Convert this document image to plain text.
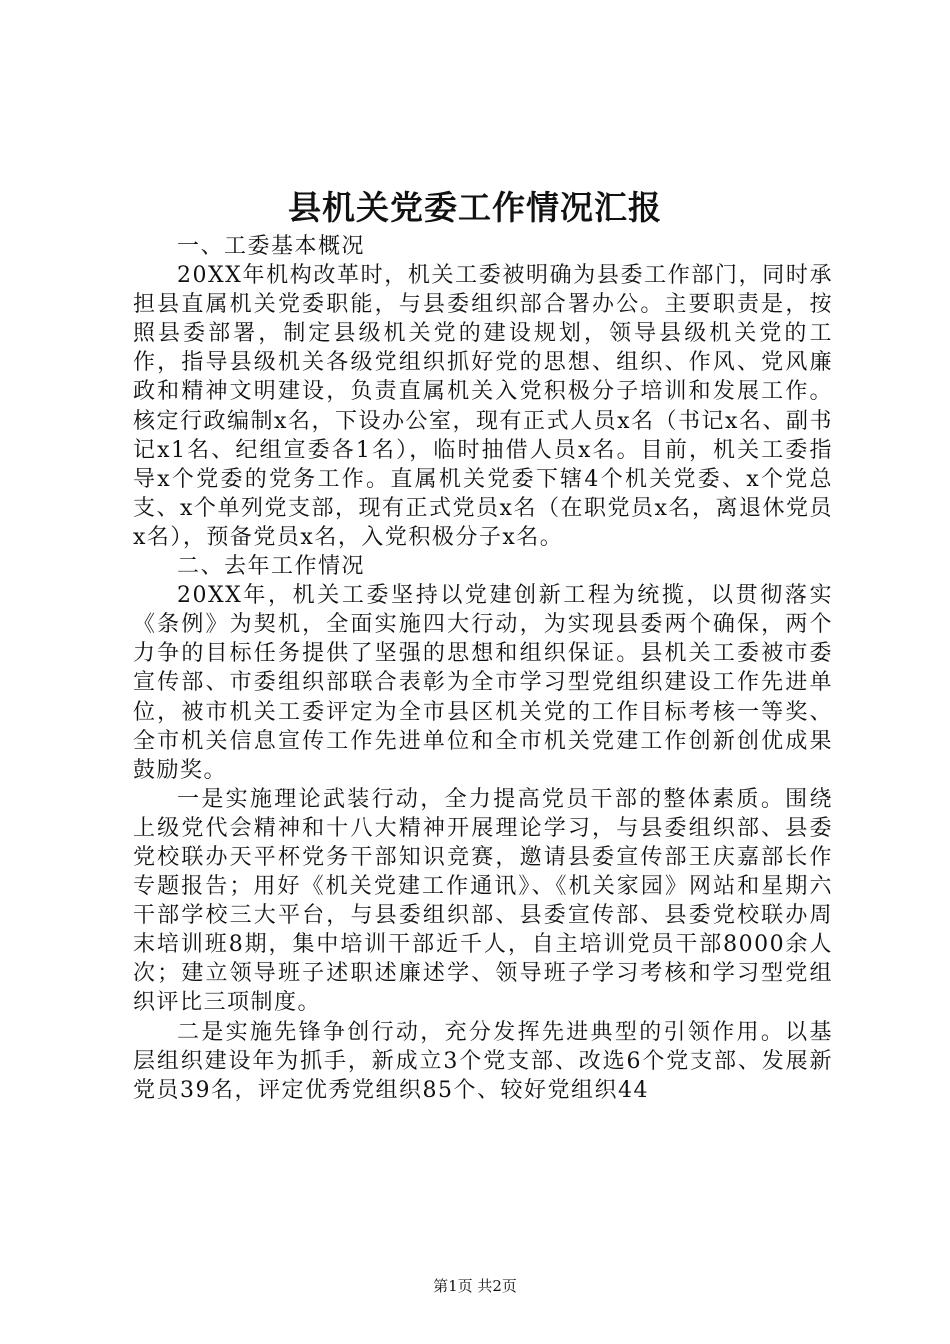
县机关党委工作情况汇报

一、工委基本概况

20XX年机构改革时，机关工委被明确为县委工作部门，同时承担县直属机关党委职能，与县委组织部合署办公。主要职责是，按照县委部署，制定县级机关党的建设规划，领导县级机关党的工作，指导县级机关各级党组织抓好党的思想、组织、作风、党风廉政和精神文明建设，负责直属机关入党积极分子培训和发展工作。核定行政编制x名，下设办公室，现有正式人员x名（书记x名、副书记x1名、纪组宣委各1名），临时抽借人员x名。目前，机关工委指导x个党委的党务工作。直属机关党委下辖4个机关党委、x个党总支、x个单列党支部，现有正式党员x名（在职党员x名，离退休党员x名），预备党员x名，入党积极分子x名。

二、去年工作情况

20XX年，机关工委坚持以党建创新工程为统揽，以贯彻落实《条例》为契机，全面实施四大行动，为实现县委两个确保，两个力争的目标任务提供了坚强的思想和组织保证。县机关工委被市委宣传部、市委组织部联合表彰为全市学习型党组织建设工作先进单位，被市机关工委评定为全市县区机关党的工作目标考核一等奖、全市机关信息宣传工作先进单位和全市机关党建工作创新创优成果鼓励奖。

一是实施理论武装行动，全力提高党员干部的整体素质。围绕上级党代会精神和十八大精神开展理论学习，与县委组织部、县委党校联办天平杯党务干部知识竞赛，邀请县委宣传部王庆嘉部长作专题报告；用好《机关党建工作通讯》、《机关家园》网站和星期六干部学校三大平台，与县委组织部、县委宣传部、县委党校联办周末培训班8期，集中培训干部近千人，自主培训党员干部8000余人次；建立领导班子述职述廉述学、领导班子学习考核和学习型党组织评比三项制度。

二是实施先锋争创行动，充分发挥先进典型的引领作用。以基层组织建设年为抓手，新成立3个党支部、改选6个党支部、发展新党员39名，评定优秀党组织85个、较好党组织44

第1页 共2页
